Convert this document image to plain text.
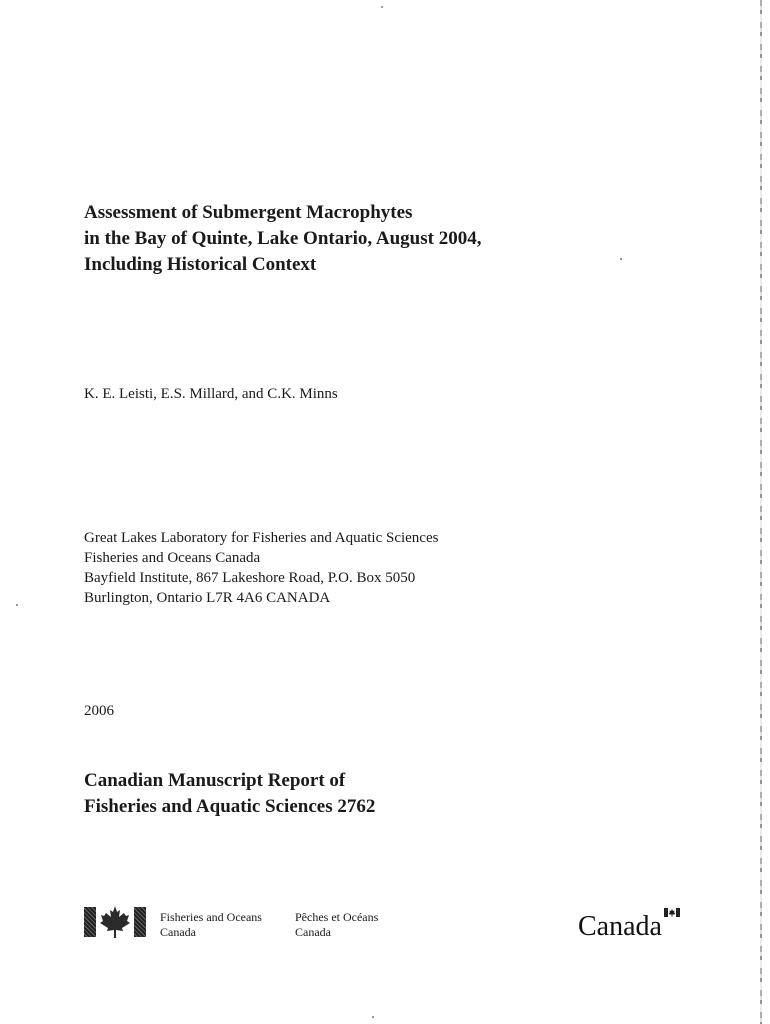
Assessment of Submergent Macrophytes
in the Bay of Quinte, Lake Ontario, August 2004,
Including Historical Context
K. E. Leisti, E.S. Millard, and C.K. Minns
Great Lakes Laboratory for Fisheries and Aquatic Sciences
Fisheries and Oceans Canada
Bayfield Institute, 867 Lakeshore Road, P.O. Box 5050
Burlington, Ontario L7R 4A6 CANADA
2006
Canadian Manuscript Report of
Fisheries and Aquatic Sciences 2762
Fisheries and Oceans
Canada
Pêches et Océans
Canada	Canada
